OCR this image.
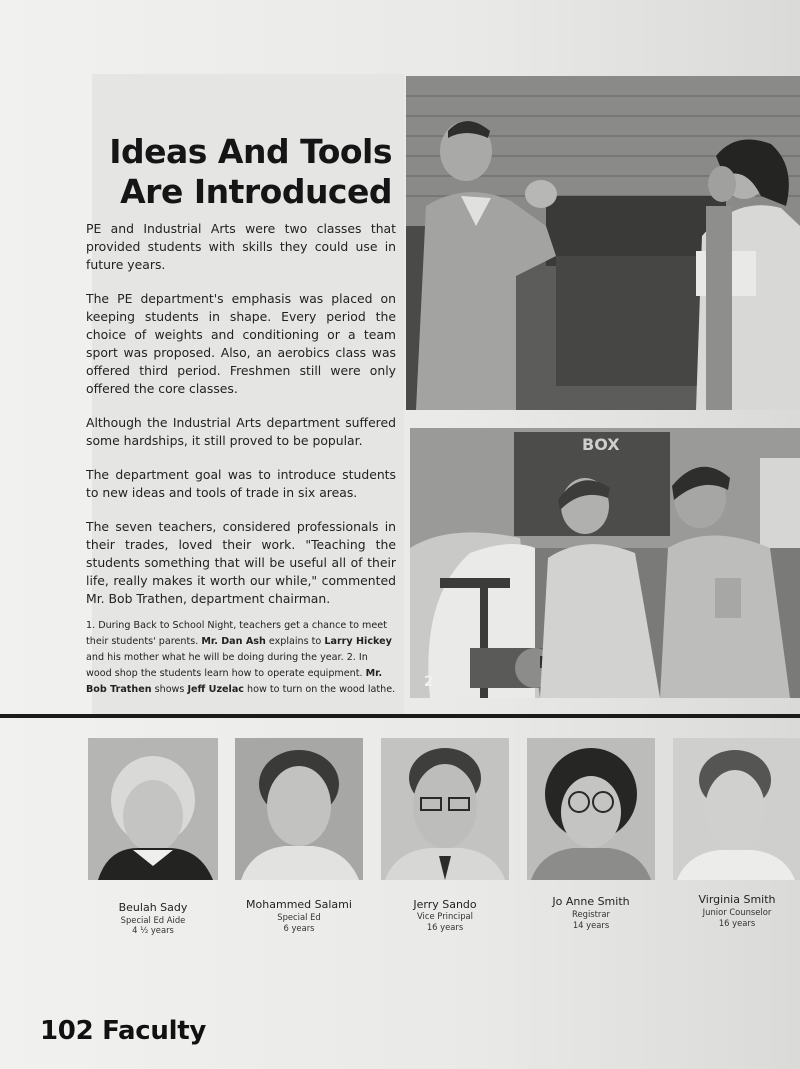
Ideas And Tools
Are Introduced

PE and Industrial Arts were two classes that provided students with skills they could use in future years.

The PE department's emphasis was placed on keeping students in shape. Every period the choice of weights and conditioning or a team sport was proposed. Also, an aerobics class was offered third period. Freshmen still were only offered the core classes.

Although the Industrial Arts department suffered some hardships, it still proved to be popular.

The department goal was to introduce students to new ideas and tools of trade in six areas.

The seven teachers, considered professionals in their trades, loved their work. "Teaching the students something that will be useful all of their life, really makes it worth our while," commented Mr. Bob Trathen, department chairman.

1. During Back to School Night, teachers get a chance to meet their students' parents. Mr. Dan Ash explains to Larry Hickey and his mother what he will be doing during the year. 2. In wood shop the students learn how to operate equipment. Mr. Bob Trathen shows Jeff Uzelac how to turn on the wood lathe.

BOX
2

Beulah Sady

Special Ed Aide

4 ½ years

Mohammed Salami

Special Ed

6 years

Jerry Sando

Vice Principal

16 years

Jo Anne Smith

Registrar

14 years

Virginia Smith

Junior Counselor

16 years

102 Faculty
